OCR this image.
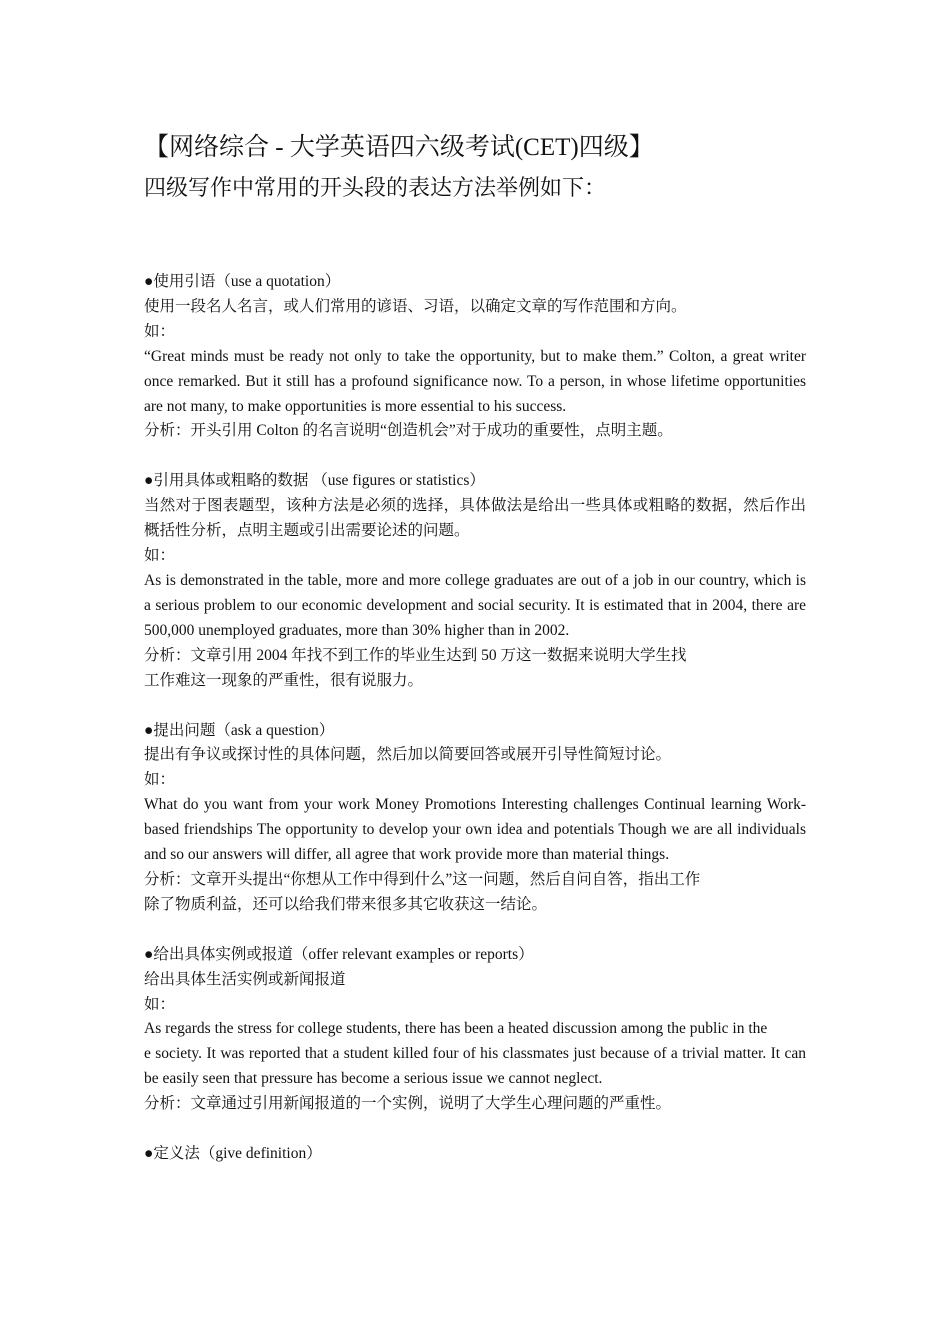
【网络综合 - 大学英语四六级考试(CET)四级】
四级写作中常用的开头段的表达方法举例如下：

● 使用引语（use a quotation）

使用一段名人名言，或人们常用的谚语、习语，以确定文章的写作范围和方向。

如：

“Great minds must be ready not only to take the opportunity, but to make them.” Colton, a great writer once remarked. But it still has a profound significance now. To a person, in whose lifetime opportunities are not many, to make opportunities is more essential to his success.

分析：开头引用 Colton 的名言说明“创造机会”对于成功的重要性，点明主题。

● 引用具体或粗略的数据 （use figures or statistics）

当然对于图表题型，该种方法是必须的选择，具体做法是给出一些具体或粗略的数据，然后作出概括性分析，点明主题或引出需要论述的问题。

如：

As is demonstrated in the table, more and more college graduates are out of a job in our country, which is a serious problem to our economic development and social security. It is estimated that in 2004, there are 500,000 unemployed graduates, more than 30% higher than in 2002.

分析：文章引用 2004 年找不到工作的毕业生达到 50 万这一数据来说明大学生找

工作难这一现象的严重性，很有说服力。

● 提出问题（ask a question）

提出有争议或探讨性的具体问题，然后加以简要回答或展开引导性简短讨论。

如：

What do you want from your work Money Promotions Interesting challenges Continual learning Work-based friendships The opportunity to develop your own idea and potentials Though we are all individuals and so our answers will differ, all agree that work provide more than material things.

分析：文章开头提出“你想从工作中得到什么”这一问题，然后自问自答，指出工作

除了物质利益，还可以给我们带来很多其它收获这一结论。

● 给出具体实例或报道（offer relevant examples or reports）

给出具体生活实例或新闻报道

如：

As regards the stress for college students, there has been a heated discussion among the public in the

e society. It was reported that a student killed four of his classmates just because of a trivial matter. It can be easily seen that pressure has become a serious issue we cannot neglect.

分析：文章通过引用新闻报道的一个实例，说明了大学生心理问题的严重性。

● 定义法（give definition）
